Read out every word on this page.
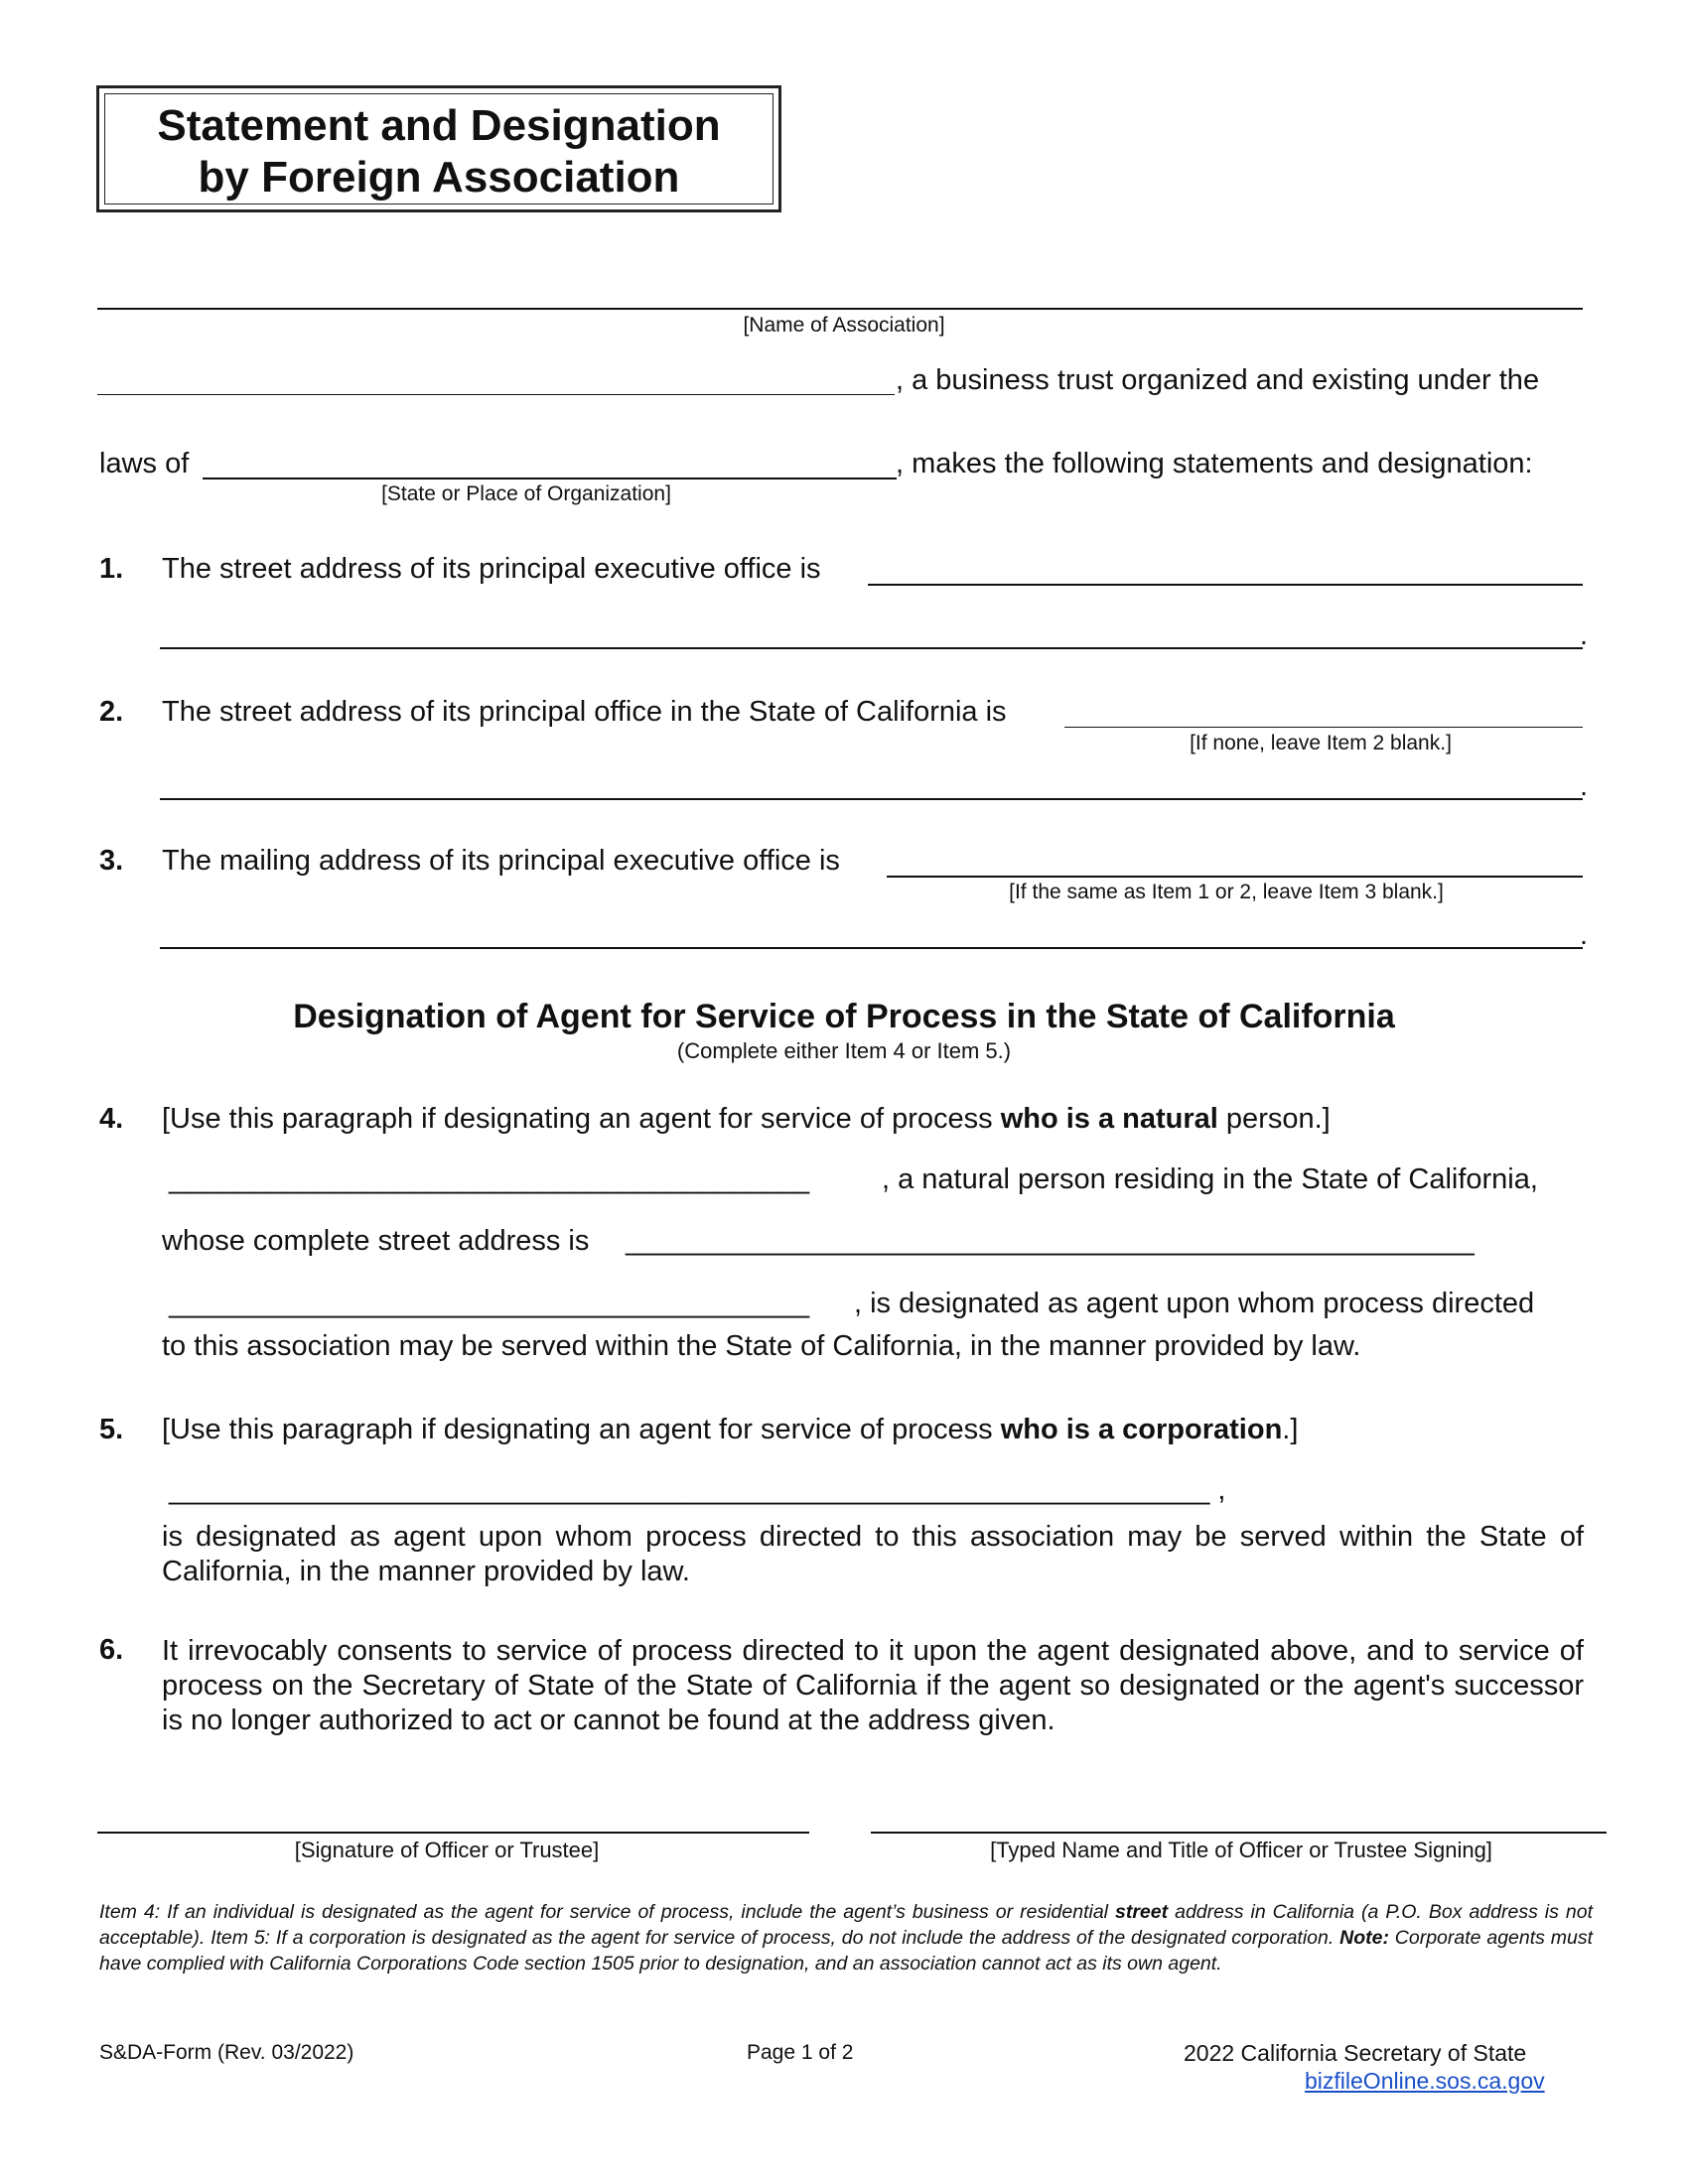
Statement and Designation
by Foreign Association
[Name of Association]
, a business trust organized and existing under the
laws of	, makes the following statements and designation:
[State or Place of Organization]
1. The street address of its principal executive office is
.
2. The street address of its principal office in the State of California is
[If none, leave Item 2 blank.]
.
3. The mailing address of its principal executive office is
[If the same as Item 1 or 2, leave Item 3 blank.]
.
Designation of Agent for Service of Process in the State of California
(Complete either Item 4 or Item 5.)
4. [Use this paragraph if designating an agent for service of process who is a natural person.]
________________________________________	, a natural person residing in the State of California,
whose complete street address is _____________________________________________________
________________________________________ , is designated as agent upon whom process directed
to this association may be served within the State of California, in the manner provided by law.
5. [Use this paragraph if designating an agent for service of process who is a corporation.]
_________________________________________________________________ ,
is designated as agent upon whom process directed to this association may be served within the State of California, in the manner provided by law.
6. It irrevocably consents to service of process directed to it upon the agent designated above, and to service of process on the Secretary of State of the State of California if the agent so designated or the agent's successor is no longer authorized to act or cannot be found at the address given.
[Signature of Officer or Trustee]	[Typed Name and Title of Officer or Trustee Signing]
Item 4: If an individual is designated as the agent for service of process, include the agent’s business or residential street address in California (a P.O. Box address is not acceptable). Item 5: If a corporation is designated as the agent for service of process, do not include the address of the designated corporation. Note: Corporate agents must have complied with California Corporations Code section 1505 prior to designation, and an association cannot act as its own agent.
S&DA-Form (Rev. 03/2022)	Page 1 of 2	2022 California Secretary of State
bizfileOnline.sos.ca.gov
